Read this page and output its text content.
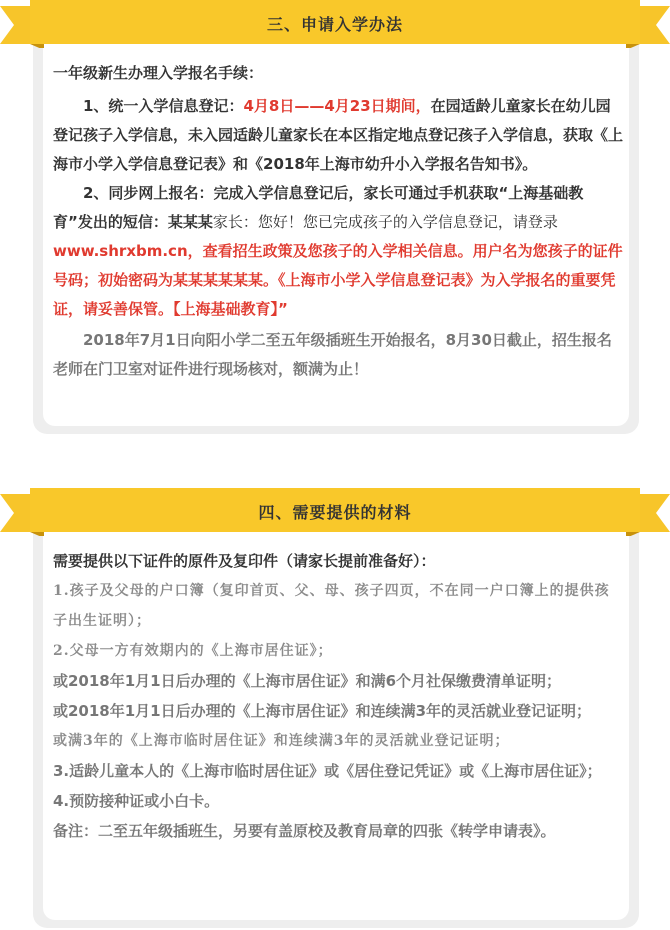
三、申请入学办法

一年级新生办理入学报名手续：

1、统一入学信息登记：4月8日——4月23日期间，在园适龄儿童家长在幼儿园登记孩子入学信息，未入园适龄儿童家长在本区指定地点登记孩子入学信息，获取《上海市小学入学信息登记表》和《2018年上海市幼升小入学报名告知书》。

2、同步网上报名：完成入学信息登记后，家长可通过手机获取“上海基础教育”发出的短信：某某某家长：您好！您已完成孩子的入学信息登记，请登录www.shrxbm.cn，查看招生政策及您孩子的入学相关信息。用户名为您孩子的证件号码；初始密码为某某某某某某。《上海市小学入学信息登记表》为入学报名的重要凭证，请妥善保管。【上海基础教育】”

2018年7月1日向阳小学二至五年级插班生开始报名，8月30日截止，招生报名老师在门卫室对证件进行现场核对，额满为止！

四、需要提供的材料

需要提供以下证件的原件及复印件（请家长提前准备好）：

1.孩子及父母的户口簿（复印首页、父、母、孩子四页，不在同一户口簿上的提供孩子出生证明）；

2.父母一方有效期内的《上海市居住证》；

或2018年1月1日后办理的《上海市居住证》和满6个月社保缴费清单证明；

或2018年1月1日后办理的《上海市居住证》和连续满3年的灵活就业登记证明；

或满3年的《上海市临时居住证》和连续满3年的灵活就业登记证明；

3.适龄儿童本人的《上海市临时居住证》或《居住登记凭证》或《上海市居住证》；

4.预防接种证或小白卡。

备注：二至五年级插班生，另要有盖原校及教育局章的四张《转学申请表》。
